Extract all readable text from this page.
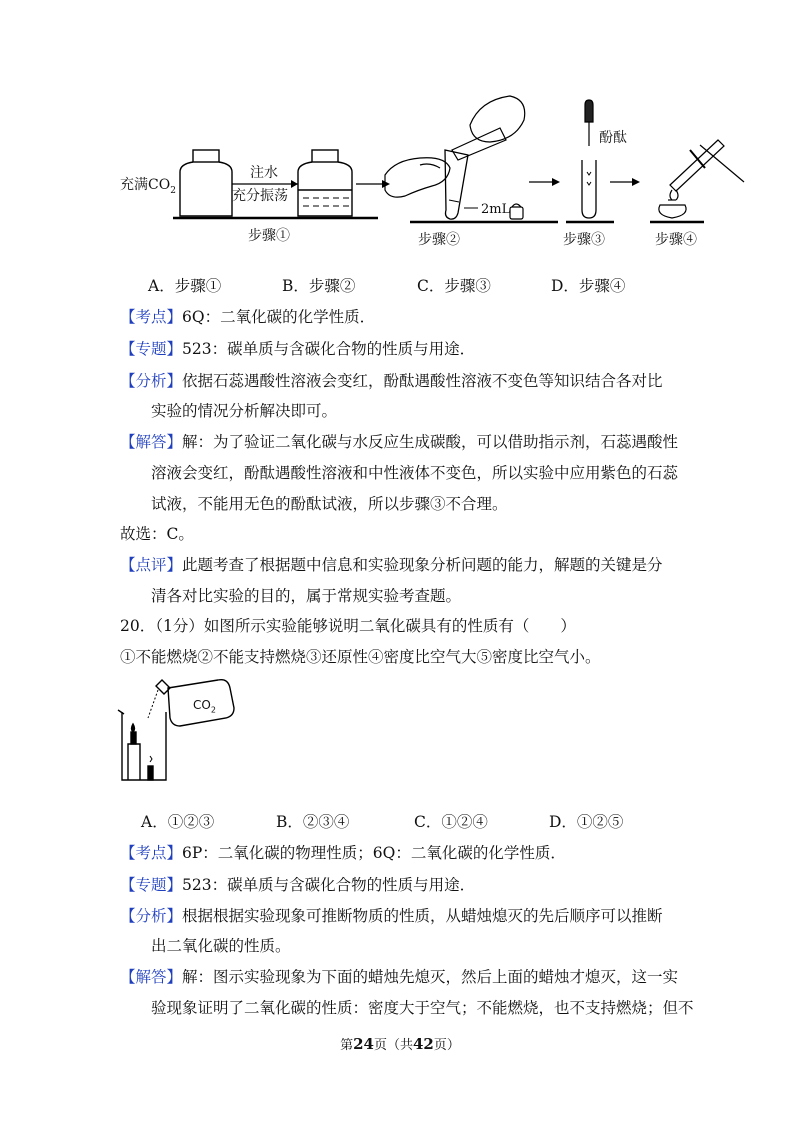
充满$CO_2$
注水
充分振荡
2mL
酚酞
步骤①	步骤②	步骤③	步骤④
A．步骤①	B．步骤②	C．步骤③	D．步骤④
【考点】6Q：二氧化碳的化学性质．
【专题】523：碳单质与含碳化合物的性质与用途．
【分析】依据石蕊遇酸性溶液会变红，酚酞遇酸性溶液不变色等知识结合各对比
实验的情况分析解决即可。
【解答】解：为了验证二氧化碳与水反应生成碳酸，可以借助指示剂，石蕊遇酸性
溶液会变红，酚酞遇酸性溶液和中性液体不变色，所以实验中应用紫色的石蕊
试液，不能用无色的酚酞试液，所以步骤③不合理。
故选：C。
【点评】此题考查了根据题中信息和实验现象分析问题的能力，解题的关键是分
清各对比实验的目的，属于常规实验考查题。
20．（1分）如图所示实验能够说明二氧化碳具有的性质有（　　）
①不能燃烧②不能支持燃烧③还原性④密度比空气大⑤密度比空气小。
$CO_2$
A．①②③	B．②③④	C．①②④	D．①②⑤
【考点】6P：二氧化碳的物理性质；6Q：二氧化碳的化学性质．
【专题】523：碳单质与含碳化合物的性质与用途．
【分析】根据根据实验现象可推断物质的性质，从蜡烛熄灭的先后顺序可以推断
出二氧化碳的性质。
【解答】解：图示实验现象为下面的蜡烛先熄灭，然后上面的蜡烛才熄灭，这一实
验现象证明了二氧化碳的性质：密度大于空气；不能燃烧，也不支持燃烧；但不
第24页（共42页）
